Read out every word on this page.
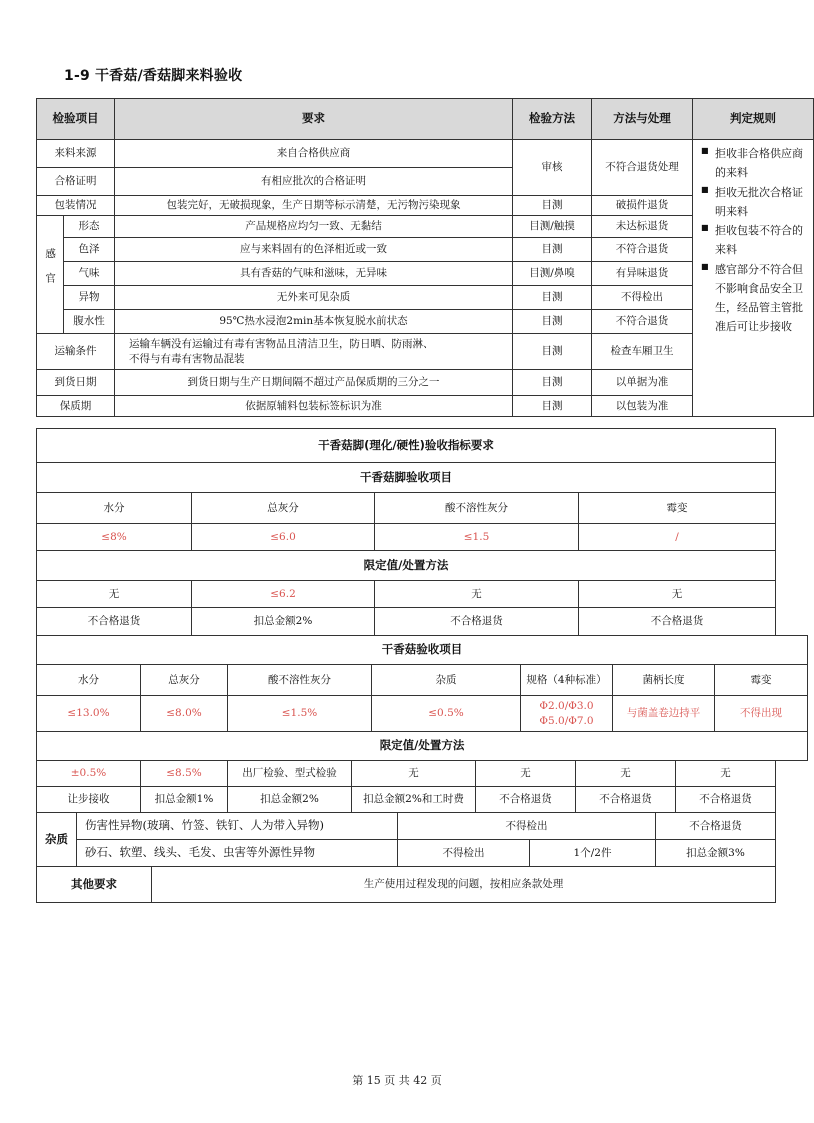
1-9 干香菇/香菇脚来料验收
检验项目		要求	检验方法	方法与处理	判定规则
来料来源		来自合格供应商	审核	不符合退货处理	■ 拒收非合格供应商的来料
■ 拒收无批次合格证明来料
■ 拒收包装不符合的来料
■ 感官部分不符合但不影响食品安全卫生，经品管主管批准后可让步接收

合格证明		有相应批次的合格证明			
包装情况		包装完好，无破损现象，生产日期等标示清楚，无污物污染现象	目测	破损件退货	
感官	形态	产品规格应均匀一致、无黏结	目测/触摸	未达标退货	
	色泽	应与来料固有的色泽相近或一致	目测	不符合退货	
	气味	具有香菇的气味和滋味，无异味	目测/鼻嗅	有异味退货	
	异物	无外来可见杂质	目测	不得检出	
	腹水性	95℃热水浸泡2min基本恢复脱水前状态	目测	不符合退货	
运输条件		运输车辆没有运输过有毒有害物品且清洁卫生，防日晒、防雨淋、
不得与有毒有害物品混装	目测	检查车厢卫生	
到货日期		到货日期与生产日期间隔不超过产品保质期的三分之一	目测	以单据为准	
保质期		依据原辅料包装标签标识为准	目测	以包装为准	
干香菇脚(理化/硬性)验收指标要求			
干香菇脚验收项目			
水分	总灰分	酸不溶性灰分	霉变
≤8%	≤6.0	≤1.5	/
限定值/处置方法			
无	≤6.2	无	无
不合格退货	扣总金额2%	不合格退货	不合格退货
干香菇验收项目						
水分	总灰分	酸不溶性灰分	杂质	规格（4种标准）	菌柄长度	霉变
≤13.0%	≤8.0%	≤1.5%	≤0.5%	Φ2.0/Φ3.0
Φ5.0/Φ7.0	与菌盖卷边持平	不得出现
限定值/处置方法						
±0.5%	≤8.5%	出厂检验、型式检验	无	无	无	无
让步接收	扣总金额1%	扣总金额2%	扣总金额2%和工时费	不合格退货	不合格退货	不合格退货
杂质	伤害性异物(玻璃、竹签、铁钉、人为带入异物)	不得检出		不合格退货
	砂石、软塑、线头、毛发、虫害等外源性异物	不得检出	1个/2件	扣总金额3%
其他要求	生产使用过程发现的问题，按相应条款处理
第 15 页 共 42 页
